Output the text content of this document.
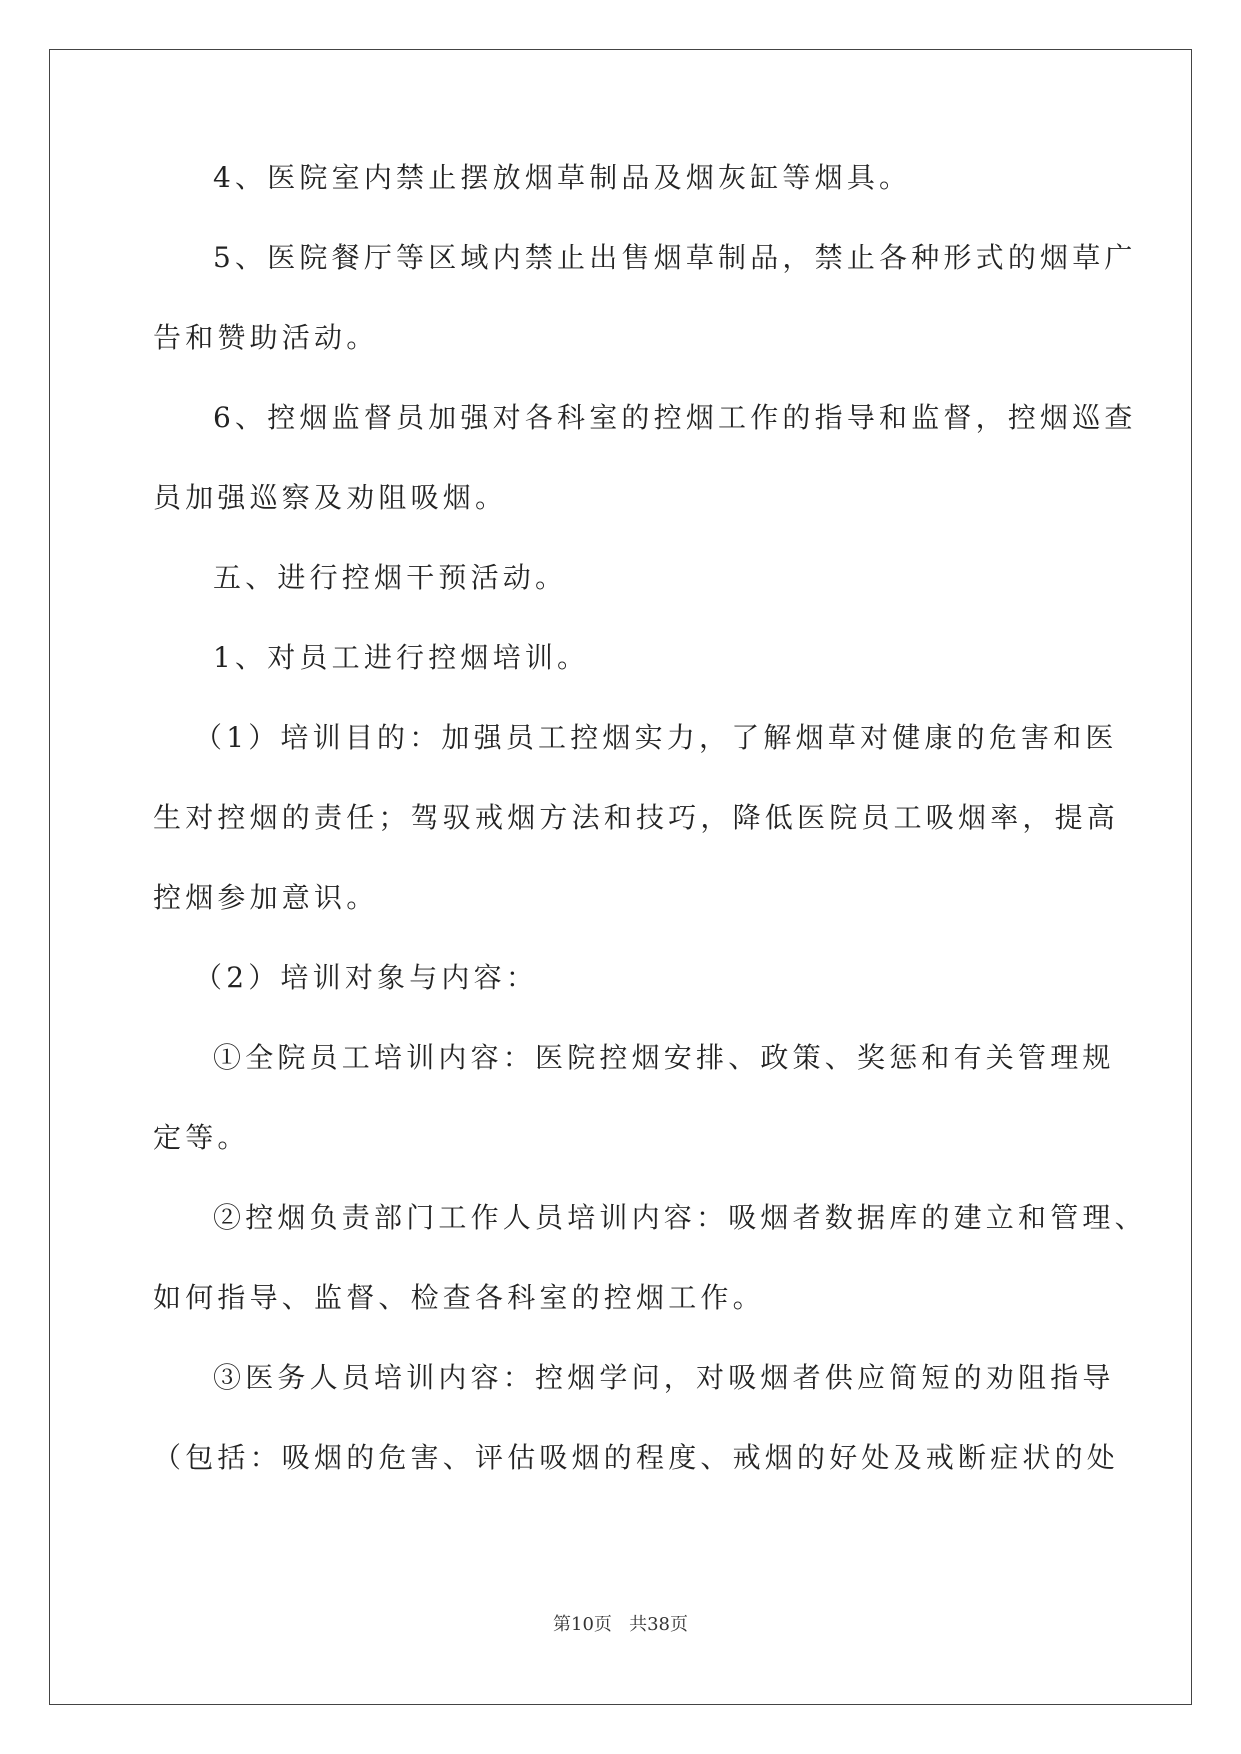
4、医院室内禁止摆放烟草制品及烟灰缸等烟具。
5、医院餐厅等区域内禁止出售烟草制品，禁止各种形式的烟草广
告和赞助活动。
6、控烟监督员加强对各科室的控烟工作的指导和监督，控烟巡查
员加强巡察及劝阻吸烟。
五、进行控烟干预活动。
1、对员工进行控烟培训。
（1）培训目的：加强员工控烟实力，了解烟草对健康的危害和医
生对控烟的责任；驾驭戒烟方法和技巧，降低医院员工吸烟率，提高
控烟参加意识。
（2）培训对象与内容：
①全院员工培训内容：医院控烟安排、政策、奖惩和有关管理规
定等。
②控烟负责部门工作人员培训内容：吸烟者数据库的建立和管理、
如何指导、监督、检查各科室的控烟工作。
③医务人员培训内容：控烟学问，对吸烟者供应简短的劝阻指导
（包括：吸烟的危害、评估吸烟的程度、戒烟的好处及戒断症状的处
第10页   共38页
